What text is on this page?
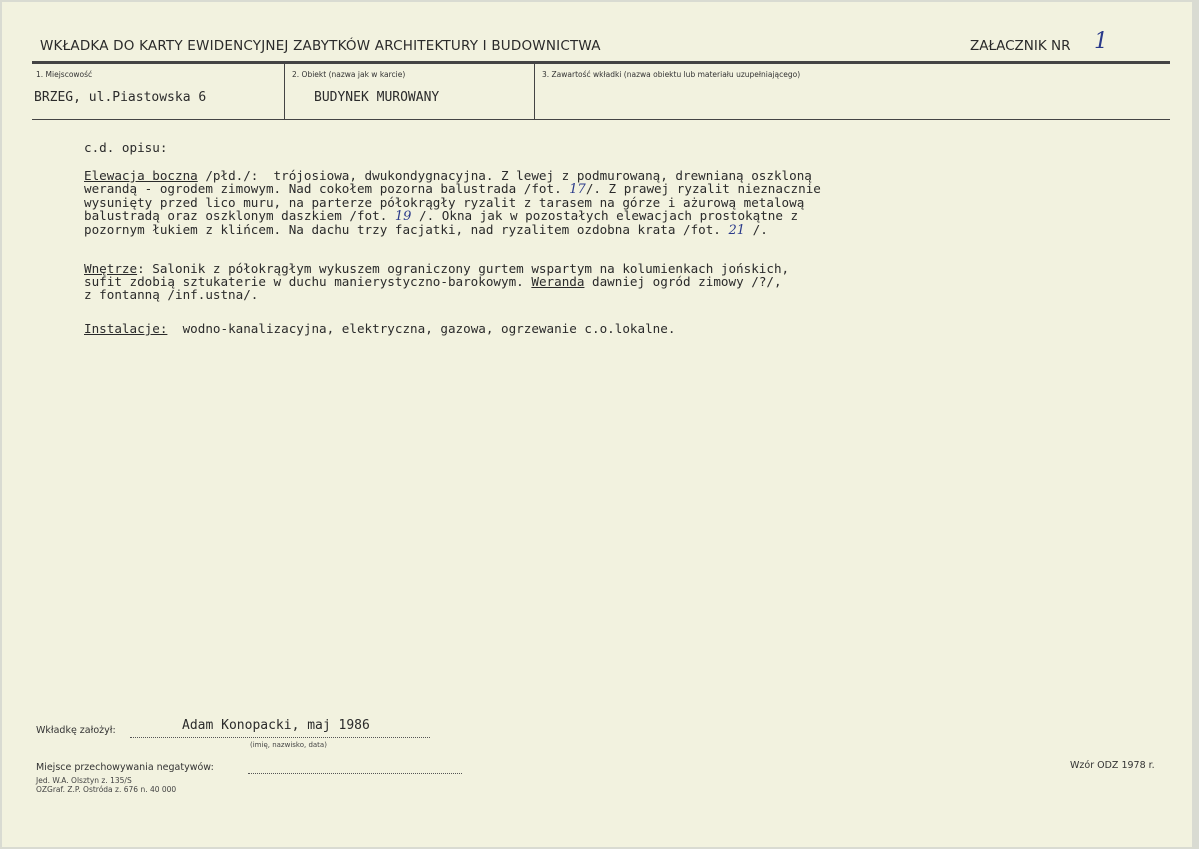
WKŁADKA DO KARTY EWIDENCYJNEJ ZABYTKÓW ARCHITEKTURY I BUDOWNICTWA	ZAŁACZNIK NR 1
1. Miejscowość
BRZEG, ul.Piastowska 6
2. Obiekt (nazwa jak w karcie)
BUDYNEK MUROWANY
3. Zawartość wkładki (nazwa obiektu lub materiału uzupełniającego)
c.d. opisu:
Elewacja boczna /płd./:  trójosiowa, dwukondygnacyjna. Z lewej z podmurowaną, drewnianą oszkloną
werandą - ogrodem zimowym. Nad cokołem pozorna balustrada /fot. 17/. Z prawej ryzalit nieznacznie
wysunięty przed lico muru, na parterze półokrągły ryzalit z tarasem na górze i ażurową metalową
balustradą oraz oszklonym daszkiem /fot. 19 /. Okna jak w pozostałych elewacjach prostokątne z
pozornym łukiem z klińcem. Na dachu trzy facjatki, nad ryzalitem ozdobna krata /fot. 21 /.
Wnętrze: Salonik z półokrągłym wykuszem ograniczony gurtem wspartym na kolumienkach jońskich,
sufit zdobią sztukaterie w duchu manierystyczno-barokowym. Weranda dawniej ogród zimowy /?/,
z fontanną /inf.ustna/.
Instalacje:  wodno-kanalizacyjna, elektryczna, gazowa, ogrzewanie c.o.lokalne.
Wkładkę założył:	Adam Konopacki, maj 1986
(imię, nazwisko, data)
Miejsce przechowywania negatywów:
Jed. W.A. Olsztyn z. 135/S
OZGraf. Z.P. Ostróda z. 676 n. 40 000
Wzór ODZ 1978 r.
